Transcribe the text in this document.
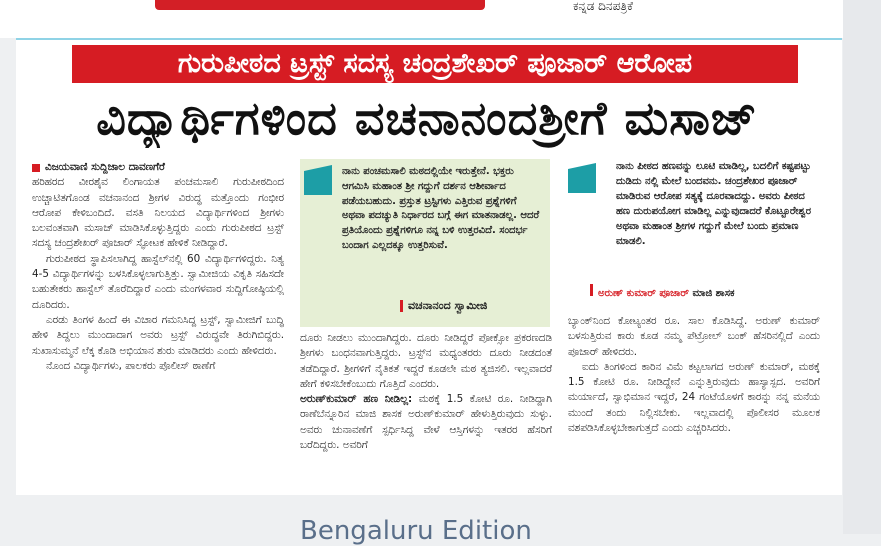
ಕನ್ನಡ ದಿನಪತ್ರಿಕೆ
ಗುರುಪೀಠದ ಟ್ರಸ್ಟ್ ಸದಸ್ಯ ಚಂದ್ರಶೇಖರ್ ಪೂಜಾರ್ ಆರೋಪ
ವಿದ್ಯಾರ್ಥಿಗಳಿಂದ ವಚನಾನಂದಶ್ರೀಗೆ ಮಸಾಜ್
ವಿಜಯವಾಣಿ ಸುದ್ದಿಜಾಲ ದಾವಣಗೆರೆ

ಹರಿಹರದ ವೀರಶೈವ ಲಿಂಗಾಯತ ಪಂಚಮಸಾಲಿ ಗುರುಪೀಠದಿಂದ ಉಚ್ಚಾಟಿತಗೊಂಡ ವಚನಾನಂದ ಶ್ರೀಗಳ ವಿರುದ್ಧ ಮತ್ತೊಂದು ಗಂಭೀರ ಆರೋಪ ಕೇಳಿಬಂದಿದೆ. ವಸತಿ ನಿಲಯದ ವಿದ್ಯಾರ್ಥಿಗಳಿಂದ ಶ್ರೀಗಳು ಬಲವಂತವಾಗಿ ಮಸಾಜ್ ಮಾಡಿಸಿಕೊಳ್ಳುತ್ತಿದ್ದರು ಎಂದು ಗುರುಪೀಠದ ಟ್ರಸ್ಟ್ ಸದಸ್ಯ ಚಂದ್ರಶೇಖರ್ ಪೂಜಾರ್ ಸ್ಫೋಟಕ ಹೇಳಿಕೆ ನೀಡಿದ್ದಾರೆ.

ಗುರುಪೀಠದ ಸ್ಥಾಪಿಸಲಾಗಿದ್ದ ಹಾಸ್ಟೆಲ್‌ನಲ್ಲಿ 60 ವಿದ್ಯಾರ್ಥಿಗಳಿದ್ದರು. ನಿತ್ಯ 4-5 ವಿದ್ಯಾರ್ಥಿಗಳನ್ನು ಬಳಸಿಕೊಳ್ಳಲಾಗುತ್ತಿತ್ತು. ಸ್ವಾಮೀಜಿಯ ವಿಕೃತಿ ಸಹಿಸದೇ ಬಹುತೇಕರು ಹಾಸ್ಟೆಲ್ ತೊರೆದಿದ್ದಾರೆ ಎಂದು ಮಂಗಳವಾರ ಸುದ್ದಿಗೋಷ್ಠಿಯಲ್ಲಿ ದೂರಿದರು.

ಎರಡು ತಿಂಗಳ ಹಿಂದೆ ಈ ವಿಚಾರ ಗಮನಿಸಿದ್ದ ಟ್ರಸ್ಟ್, ಸ್ವಾಮೀಜಿಗೆ ಬುದ್ಧಿ ಹೇಳಿ ತಿದ್ದಲು ಮುಂದಾದಾಗ ಅವರು ಟ್ರಸ್ಟ್ ವಿರುದ್ಧವೇ ತಿರುಗಿಬಿದ್ದರು. ಸುಖಾಸುಮ್ಮನೆ ಲೆಕ್ಕ ಕೊಡಿ ಅಭಿಯಾನ ಶುರು ಮಾಡಿದರು ಎಂದು ಹೇಳಿದರು.

ನೊಂದ ವಿದ್ಯಾರ್ಥಿಗಳು, ಪಾಲಕರು ಪೊಲೀಸ್ ಠಾಣೆಗೆ

ನಾನು ಪಂಚಮಸಾಲಿ ಮಠದಲ್ಲಿಯೇ ಇರುತ್ತೇನೆ. ಭಕ್ತರು ಆಗಮಿಸಿ ಮಹಾಂತ ಶ್ರೀ ಗದ್ದುಗೆ ದರ್ಶನ ಆಶೀರ್ವಾದ ಪಡೆಯಬಹುದು. ಪ್ರಸ್ತುತ ಟ್ರಸ್ಟಿಗಳು ಎತ್ತಿರುವ ಪ್ರಶ್ನೆಗಳಿಗೆ ಅಥವಾ ಪದಚ್ಯುತಿ ನಿರ್ಧಾರದ ಬಗ್ಗೆ ಈಗ ಮಾತನಾಡಲ್ಲ. ಆದರೆ ಪ್ರತಿಯೊಂದು ಪ್ರಶ್ನೆಗಳಿಗೂ ನನ್ನ ಬಳಿ ಉತ್ತರವಿದೆ. ಸಂದರ್ಭ ಬಂದಾಗ ಎಲ್ಲದಕ್ಕೂ ಉತ್ತರಿಸುವೆ.
ವಚನಾನಂದ ಸ್ವಾಮೀಜಿ

ದೂರು ನೀಡಲು ಮುಂದಾಗಿದ್ದರು. ದೂರು ನೀಡಿದ್ದರೆ ಪೋಕ್ಸೋ ಪ್ರಕರಣದಡಿ ಶ್ರೀಗಳು ಬಂಧನವಾಗುತ್ತಿದ್ದರು. ಟ್ರಸ್ಟ್‌ನ ಮಧ್ಯಂತರರು ದೂರು ನೀಡದಂತೆ ತಡೆದಿದ್ದಾರೆ. ಶ್ರೀಗಳಿಗೆ ನೈತಿಕತೆ ಇದ್ದರೆ ಕೂಡಲೇ ಮಠ ತ್ಯಜಿಸಲಿ. ಇಲ್ಲವಾದರೆ ಹೇಗೆ ಕಳಿಸಬೇಕೆಂಬುದು ಗೊತ್ತಿದೆ ಎಂದರು.

ಅರುಣ್‌ಕುಮಾರ್ ಹಣ ನೀಡಿಲ್ಲ: ಮಠಕ್ಕೆ 1.5 ಕೋಟಿ ರೂ. ನೀಡಿದ್ದಾಗಿ ರಾಣೆಬೆನ್ನೂರಿನ ಮಾಜಿ ಶಾಸಕ ಅರುಣ್‌ಕುಮಾರ್ ಹೇಳುತ್ತಿರುವುದು ಸುಳ್ಳು. ಅವರು ಚುನಾವಣೆಗೆ ಸ್ಪರ್ಧಿಸಿದ್ದ ವೇಳೆ ಆಸ್ತಿಗಳನ್ನು ಇತರರ ಹೆಸರಿಗೆ ಬರೆದಿದ್ದರು. ಅವರಿಗೆ

ನಾನು ಪೀಠದ ಹಣವನ್ನು ಲೂಟಿ ಮಾಡಿಲ್ಲ, ಬದಲಿಗೆ ಕಷ್ಟಪಟ್ಟು ದುಡಿದು ನಲ್ಲಿ ಮೇಲೆ ಬಂದವನು. ಚಂದ್ರಶೇಖರ ಪೂಜಾರ್ ಮಾಡಿರುವ ಆರೋಪ ಸತ್ಯಕ್ಕೆ ದೂರವಾದದ್ದು. ಅವರು ಪೀಠದ ಹಣ ದುರುಪಯೋಗ ಮಾಡಿಲ್ಲ ಎನ್ನುವುದಾದರೆ ಕೊಟ್ಟೂರೇಶ್ವರ ಅಥವಾ ಮಹಾಂತ ಶ್ರೀಗಳ ಗದ್ದುಗೆ ಮೇಲೆ ಬಂದು ಪ್ರಮಾಣ ಮಾಡಲಿ.
ಅರುಣ್ ಕುಮಾರ್ ಪೂಜಾರ್ ಮಾಜಿ ಶಾಸಕ

ಬ್ಯಾಂಕ್‌ನಿಂದ ಕೋಟ್ಯಂತರ ರೂ. ಸಾಲ ಕೊಡಿಸಿದ್ದೆ. ಅರುಣ್ ಕುಮಾರ್ ಬಳಸುತ್ತಿರುವ ಕಾರು ಕೂಡ ನಮ್ಮ ಪೆಟ್ರೋಲ್ ಬಂಕ್ ಹೆಸರಿನಲ್ಲಿದೆ ಎಂದು ಪೂಜಾರ್ ಹೇಳಿದರು.

ಐದು ತಿಂಗಳಿಂದ ಕಾರಿನ ವಿಮೆ ಕಟ್ಟಲಾಗದ ಅರುಣ್ ಕುಮಾರ್, ಮಠಕ್ಕೆ 1.5 ಕೋಟಿ ರೂ. ನೀಡಿದ್ದೇನೆ ಎನ್ನುತ್ತಿರುವುದು ಹಾಸ್ಯಾಸ್ಪದ. ಅವರಿಗೆ ಮರ್ಯಾದೆ, ಸ್ವಾಭಿಮಾನ ಇದ್ದರೆ, 24 ಗಂಟೆಯೊಳಗೆ ಕಾರನ್ನು ನನ್ನ ಮನೆಯ ಮುಂದೆ ತಂದು ನಿಲ್ಲಿಸಬೇಕು. ಇಲ್ಲವಾದಲ್ಲಿ ಪೊಲೀಸರ ಮೂಲಕ ವಶಪಡಿಸಿಕೊಳ್ಳಬೇಕಾಗುತ್ತದೆ ಎಂದು ಎಚ್ಚರಿಸಿದರು.

Bengaluru Edition
